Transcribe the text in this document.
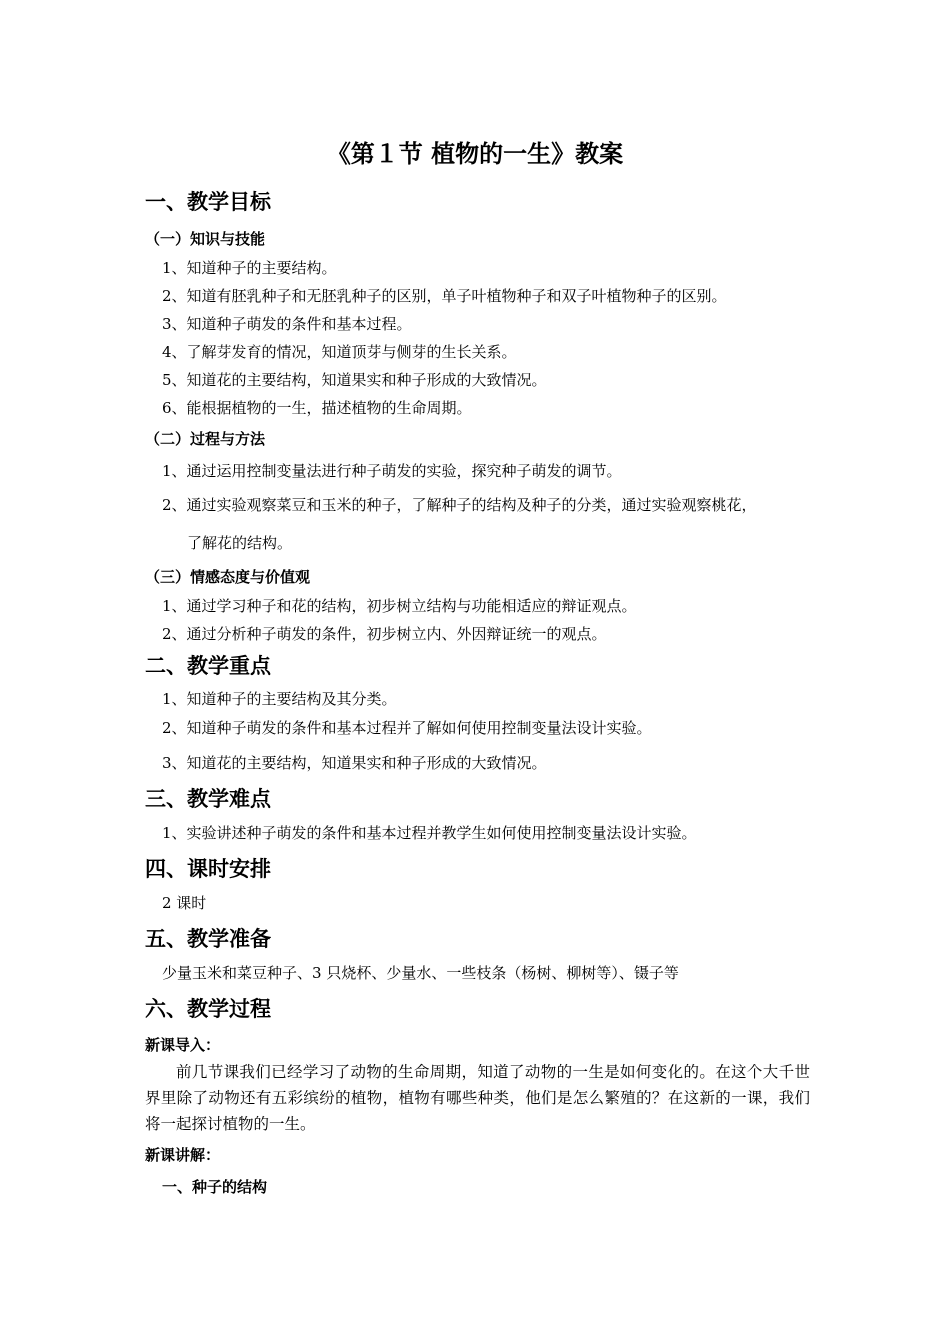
《第１节 植物的一生》教案
一、教学目标
（一）知识与技能
1、知道种子的主要结构。
2、知道有胚乳种子和无胚乳种子的区别，单子叶植物种子和双子叶植物种子的区别。
3、知道种子萌发的条件和基本过程。
4、了解芽发育的情况，知道顶芽与侧芽的生长关系。
5、知道花的主要结构，知道果实和种子形成的大致情况。
6、能根据植物的一生，描述植物的生命周期。
（二）过程与方法
1、通过运用控制变量法进行种子萌发的实验，探究种子萌发的调节。
2、通过实验观察菜豆和玉米的种子，了解种子的结构及种子的分类，通过实验观察桃花，
了解花的结构。
（三）情感态度与价值观
1、通过学习种子和花的结构，初步树立结构与功能相适应的辩证观点。
2、通过分析种子萌发的条件，初步树立内、外因辩证统一的观点。
二、教学重点
1、知道种子的主要结构及其分类。
2、知道种子萌发的条件和基本过程并了解如何使用控制变量法设计实验。
3、知道花的主要结构，知道果实和种子形成的大致情况。
三、教学难点
1、实验讲述种子萌发的条件和基本过程并教学生如何使用控制变量法设计实验。
四、课时安排
2 课时
五、教学准备
少量玉米和菜豆种子、3 只烧杯、少量水、一些枝条（杨树、柳树等）、镊子等
六、教学过程
新课导入：
前几节课我们已经学习了动物的生命周期，知道了动物的一生是如何变化的。在这个大千世界里除了动物还有五彩缤纷的植物，植物有哪些种类，他们是怎么繁殖的？在这新的一课，我们将一起探讨植物的一生。
新课讲解：
一、种子的结构
